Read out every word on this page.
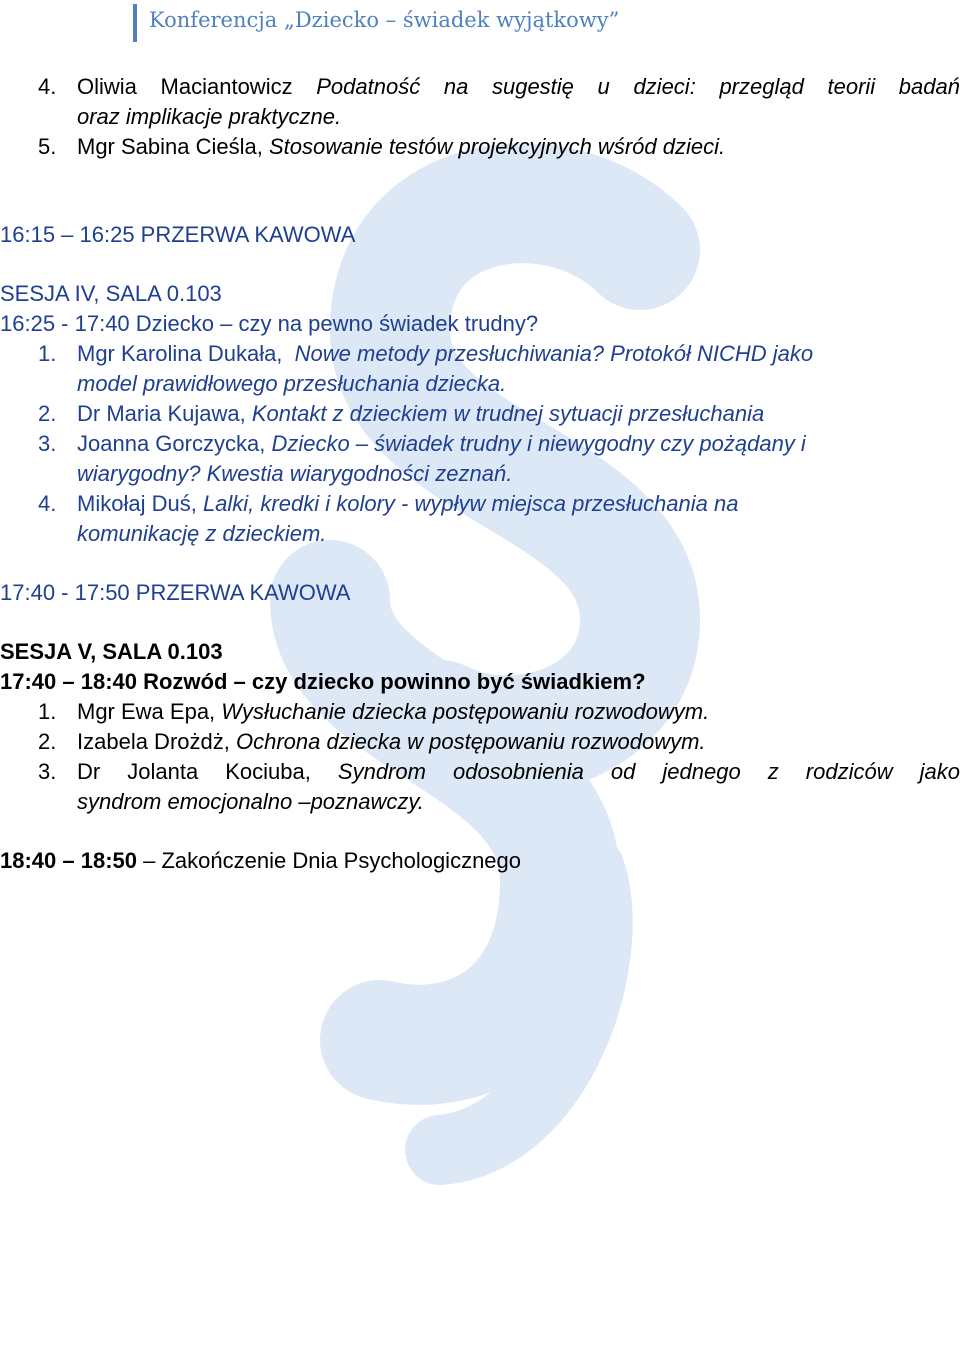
Konferencja „Dziecko – świadek wyjątkowy”
4. Oliwia Maciantowicz Podatność na sugestię u dzieci: przegląd teorii badań
oraz implikacje praktyczne.
5. Mgr Sabina Cieśla, Stosowanie testów projekcyjnych wśród dzieci.
16:15 – 16:25 PRZERWA KAWOWA
SESJA IV, SALA 0.103
16:25 - 17:40 Dziecko – czy na pewno świadek trudny?
1. Mgr Karolina Dukała, Nowe metody przesłuchiwania? Protokół NICHD jako
model prawidłowego przesłuchania dziecka.
2. Dr Maria Kujawa, Kontakt z dzieckiem w trudnej sytuacji przesłuchania
3. Joanna Gorczycka, Dziecko – świadek trudny i niewygodny czy pożądany i
wiarygodny? Kwestia wiarygodności zeznań.
4. Mikołaj Duś, Lalki, kredki i kolory - wypływ miejsca przesłuchania na
komunikację z dzieckiem.
17:40 - 17:50 PRZERWA KAWOWA
SESJA V, SALA 0.103
17:40 – 18:40 Rozwód – czy dziecko powinno być świadkiem?
1. Mgr Ewa Epa, Wysłuchanie dziecka postępowaniu rozwodowym.
2. Izabela Drożdż, Ochrona dziecka w postępowaniu rozwodowym.
3. Dr Jolanta Kociuba, Syndrom odosobnienia od jednego z rodziców jako
syndrom emocjonalno –poznawczy.
18:40 – 18:50 – Zakończenie Dnia Psychologicznego
